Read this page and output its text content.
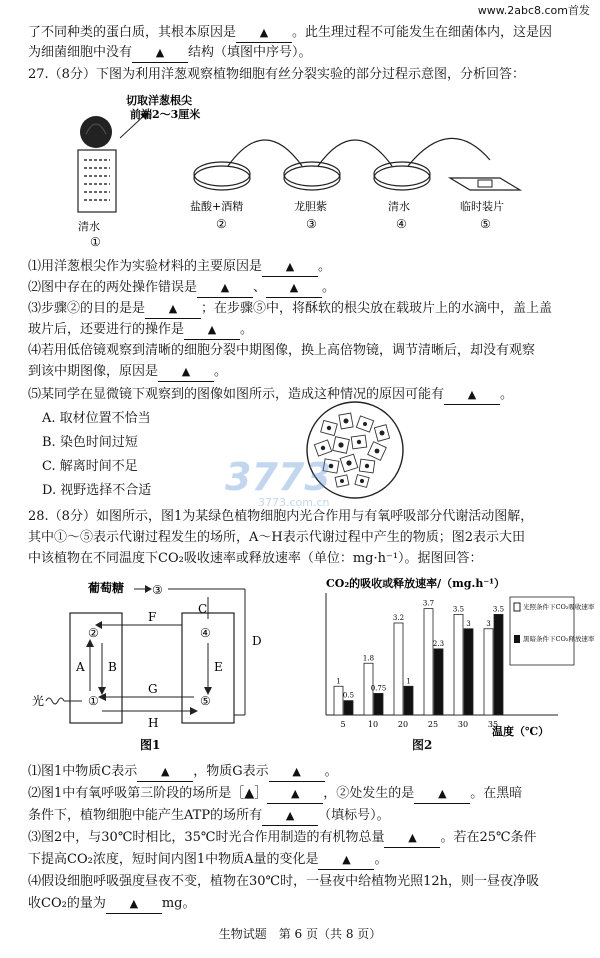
www.2abc8.com首发
了不同种类的蛋白质，其根本原因是 ▲ 。此生理过程不可能发生在细菌体内，这是因
为细菌细胞中没有 ▲ 结构（填图中序号）。
27.（8分）下图为利用洋葱观察植物细胞有丝分裂实验的部分过程示意图，分析回答：
切取洋葱根尖
前端2～3厘米
清水
①
盐酸+酒精
②
龙胆紫
③
清水
④
临时装片
⑤
⑴用洋葱根尖作为实验材料的主要原因是 ▲ 。
⑵图中存在的两处操作错误是 ▲ 、 ▲ 。
⑶步骤②的目的是是 ▲ ；在步骤⑤中，将酥软的根尖放在载玻片上的水滴中，盖上盖
玻片后，还要进行的操作是 ▲ 。
⑷若用低倍镜观察到清晰的细胞分裂中期图像，换上高倍物镜，调节清晰后，却没有观察
到该中期图像，原因是 ▲ 。
⑸某同学在显微镜下观察到的图像如图所示，造成这种情况的原因可能有 ▲ 。
A. 取材位置不恰当
B. 染色时间过短
C. 解离时间不足
D. 视野选择不合适 3773
3773.com.cn
28.（8分）如图所示，图1为某绿色植物细胞内光合作用与有氧呼吸部分代谢活动图解，
其中①～⑤表示代谢过程发生的场所，A～H表示代谢过程中产生的物质；图2表示大田
中该植物在不同温度下CO₂吸收速率或释放速率（单位：mg·h⁻¹）。据图回答：
葡萄糖 ③
D
②	④
①	⑤
C
F
A B	E
G
H
光
图1
CO₂的吸收或释放速率/（mg.h⁻¹）
1
0.5
5
1.8
0.75
10
3.2
1
20
3.7
2.3
25
3.5
3
30
3
3.5
35
温度（℃）
光照条件下CO₂吸收速率
黑暗条件下CO₂释放速率
图2
⑴图1中物质C表示 ▲ ，物质G表示 ▲ 。
⑵图1中有氧呼吸第三阶段的场所是［▲］ ▲ ，②处发生的是 ▲ 。在黑暗
条件下，植物细胞中能产生ATP的场所有 ▲ （填标号）。
⑶图2中，与30℃时相比，35℃时光合作用制造的有机物总量 ▲ 。若在25℃条件
下提高CO₂浓度，短时间内图1中物质A量的变化是 ▲ 。
⑷假设细胞呼吸强度昼夜不变，植物在30℃时，一昼夜中给植物光照12h，则一昼夜净吸
收CO₂的量为 ▲ mg。
生物试题　第 6 页（共 8 页）
